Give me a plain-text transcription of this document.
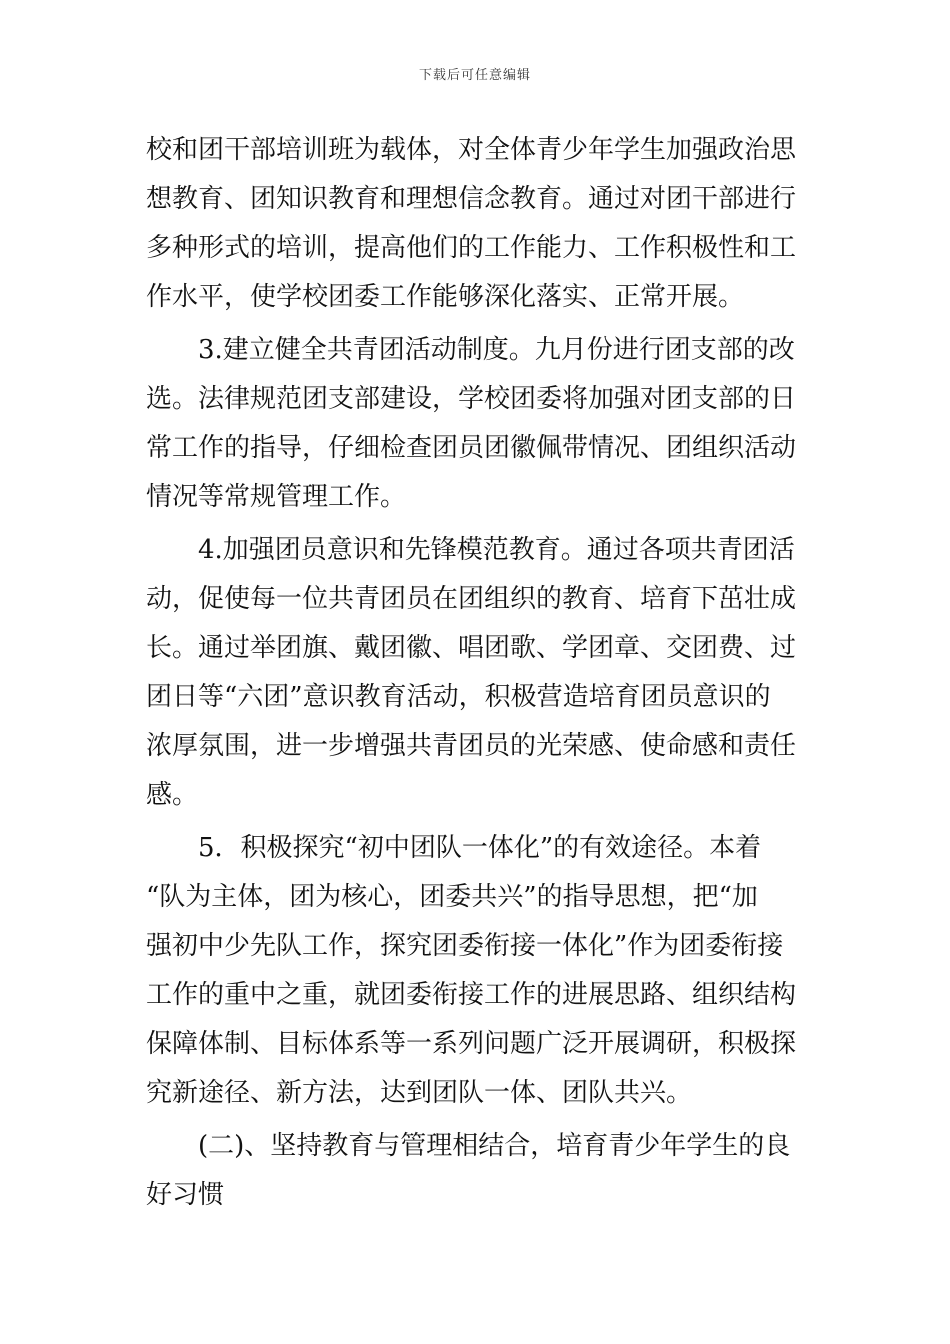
下载后可任意编辑
校和团干部培训班为载体，对全体青少年学生加强政治思
想教育、团知识教育和理想信念教育。通过对团干部进行
多种形式的培训，提高他们的工作能力、工作积极性和工
作水平，使学校团委工作能够深化落实、正常开展。
3.建立健全共青团活动制度。九月份进行团支部的改
选。法律规范团支部建设，学校团委将加强对团支部的日
常工作的指导，仔细检查团员团徽佩带情况、团组织活动
情况等常规管理工作。
4.加强团员意识和先锋模范教育。通过各项共青团活
动，促使每一位共青团员在团组织的教育、培育下茁壮成
长。通过举团旗、戴团徽、唱团歌、学团章、交团费、过
团日等“六团”意识教育活动，积极营造培育团员意识的
浓厚氛围，进一步增强共青团员的光荣感、使命感和责任
感。
5．积极探究“初中团队一体化”的有效途径。本着
“队为主体，团为核心，团委共兴”的指导思想，把“加
强初中少先队工作，探究团委衔接一体化”作为团委衔接
工作的重中之重，就团委衔接工作的进展思路、组织结构
保障体制、目标体系等一系列问题广泛开展调研，积极探
究新途径、新方法，达到团队一体、团队共兴。
(二)、坚持教育与管理相结合，培育青少年学生的良
好习惯
